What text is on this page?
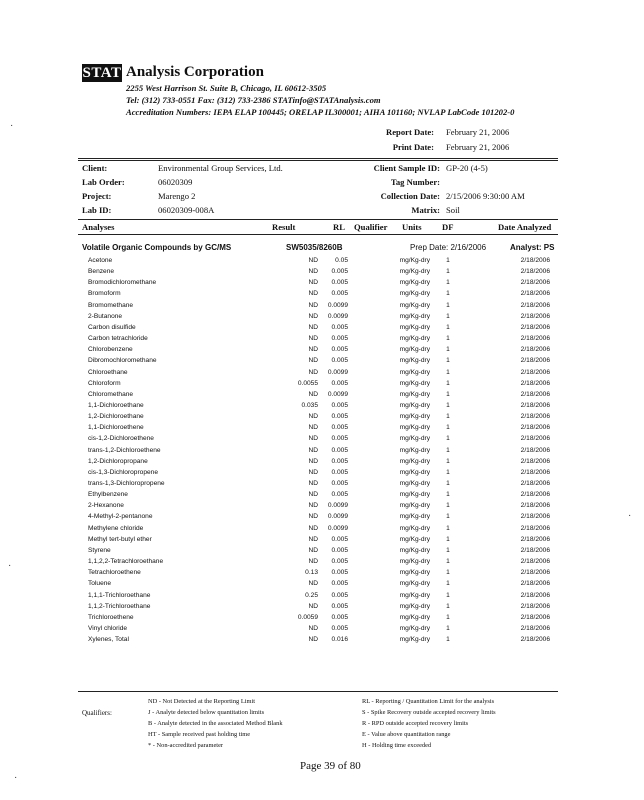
STAT Analysis Corporation
2255 West Harrison St. Suite B, Chicago, IL 60612-3505
Tel: (312) 733-0551 Fax: (312) 733-2386 STATinfo@STATAnalysis.com
Accreditation Numbers: IEPA ELAP 100445; ORELAP IL300001; AIHA 101160; NVLAP LabCode 101202-0
Report Date: February 21, 2006
Print Date: February 21, 2006
Client:	Environmental Group Services, Ltd.	Client Sample ID: GP-20 (4-5)
Lab Order:	06020309	Tag Number:
Project:	Marengo 2	Collection Date: 2/15/2006 9:30:00 AM
Lab ID:	06020309-008A	Matrix: Soil
Analyses	Result	RL Qualifier Units DF	Date Analyzed
Volatile Organic Compounds by GC/MS	SW5035/8260B	Prep Date: 2/16/2006	Analyst: PS
Acetone	ND	0.05	mg/Kg-dry	1	2/18/2006
Benzene	ND	0.005	mg/Kg-dry	1	2/18/2006
Bromodichloromethane	ND	0.005	mg/Kg-dry	1	2/18/2006
Bromoform	ND	0.005	mg/Kg-dry	1	2/18/2006
Bromomethane	ND	0.0099	mg/Kg-dry	1	2/18/2006
2-Butanone	ND	0.0099	mg/Kg-dry	1	2/18/2006
Carbon disulfide	ND	0.005	mg/Kg-dry	1	2/18/2006
Carbon tetrachloride	ND	0.005	mg/Kg-dry	1	2/18/2006
Chlorobenzene	ND	0.005	mg/Kg-dry	1	2/18/2006
Dibromochloromethane	ND	0.005	mg/Kg-dry	1	2/18/2006
Chloroethane	ND	0.0099	mg/Kg-dry	1	2/18/2006
Chloroform	0.0055	0.005	mg/Kg-dry	1	2/18/2006
Chloromethane	ND	0.0099	mg/Kg-dry	1	2/18/2006
1,1-Dichloroethane	0.035	0.005	mg/Kg-dry	1	2/18/2006
1,2-Dichloroethane	ND	0.005	mg/Kg-dry	1	2/18/2006
1,1-Dichloroethene	ND	0.005	mg/Kg-dry	1	2/18/2006
cis-1,2-Dichloroethene	ND	0.005	mg/Kg-dry	1	2/18/2006
trans-1,2-Dichloroethene	ND	0.005	mg/Kg-dry	1	2/18/2006
1,2-Dichloropropane	ND	0.005	mg/Kg-dry	1	2/18/2006
cis-1,3-Dichloropropene	ND	0.005	mg/Kg-dry	1	2/18/2006
trans-1,3-Dichloropropene	ND	0.005	mg/Kg-dry	1	2/18/2006
Ethylbenzene	ND	0.005	mg/Kg-dry	1	2/18/2006
2-Hexanone	ND	0.0099	mg/Kg-dry	1	2/18/2006
4-Methyl-2-pentanone	ND	0.0099	mg/Kg-dry	1	2/18/2006
Methylene chloride	ND	0.0099	mg/Kg-dry	1	2/18/2006
Methyl tert-butyl ether	ND	0.005	mg/Kg-dry	1	2/18/2006
Styrene	ND	0.005	mg/Kg-dry	1	2/18/2006
1,1,2,2-Tetrachloroethane	ND	0.005	mg/Kg-dry	1	2/18/2006
Tetrachloroethene	0.13	0.005	mg/Kg-dry	1	2/18/2006
Toluene	ND	0.005	mg/Kg-dry	1	2/18/2006
1,1,1-Trichloroethane	0.25	0.005	mg/Kg-dry	1	2/18/2006
1,1,2-Trichloroethane	ND	0.005	mg/Kg-dry	1	2/18/2006
Trichloroethene	0.0059	0.005	mg/Kg-dry	1	2/18/2006
Vinyl chloride	ND	0.005	mg/Kg-dry	1	2/18/2006
Xylenes, Total	ND	0.016	mg/Kg-dry	1	2/18/2006
Qualifiers:
ND - Not Detected at the Reporting Limit
J - Analyte detected below quantitation limits
B - Analyte detected in the associated Method Blank
HT - Sample received past holding time
* - Non-accredited parameter
RL - Reporting / Quantitation Limit for the analysis
S - Spike Recovery outside accepted recovery limits
R - RPD outside accepted recovery limits
E - Value above quantitation range
H - Holding time exceeded
Page 39 of 80
·
·
·
·
